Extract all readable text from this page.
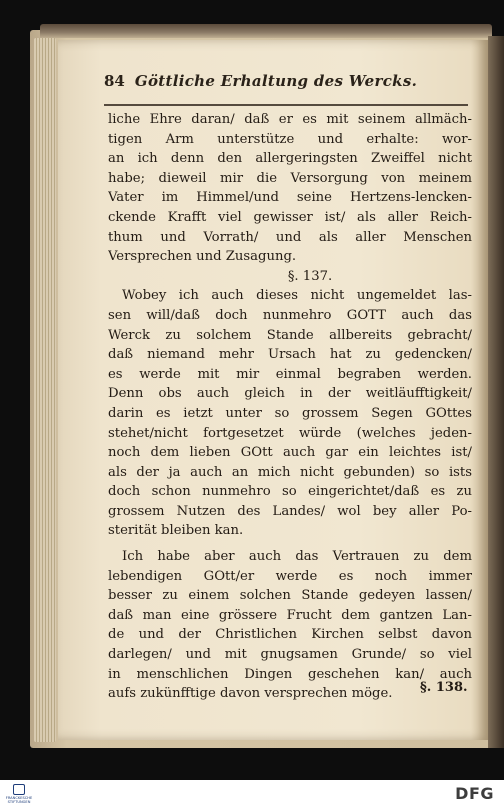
84 Göttliche Erhaltung des Wercks.
liche Ehre daran/ daß er es mit seinem allmäch-
tigen Arm unterstütze und erhalte: wor-
an ich denn den allergeringsten Zweiffel nicht
habe; dieweil mir die Versorgung von meinem
Vater im Himmel/und seine Hertzens-lencken-
ckende Krafft viel gewisser ist/ als aller Reich-
thum und Vorrath/ und als aller Menschen
Versprechen und Zusagung.
§. 137.
Wobey ich auch dieses nicht ungemeldet las-
sen will/daß doch nunmehro GOTT auch das
Werck zu solchem Stande allbereits gebracht/
daß niemand mehr Ursach hat zu gedencken/
es werde mit mir einmal begraben werden.
Denn obs auch gleich in der weitläufftigkeit/
darin es ietzt unter so grossem Segen GOttes
stehet/nicht fortgesetzet würde (welches jeden-
noch dem lieben GOtt auch gar ein leichtes ist/
als der ja auch an mich nicht gebunden) so ists
doch schon nunmehro so eingerichtet/daß es zu
grossem Nutzen des Landes/ wol bey aller Po-
sterität bleiben kan.
Ich habe aber auch das Vertrauen zu dem
lebendigen GOtt/er werde es noch immer
besser zu einem solchen Stande gedeyen lassen/
daß man eine grössere Frucht dem gantzen Lan-
de und der Christlichen Kirchen selbst davon
darlegen/ und mit gnugsamen Grunde/ so viel
in menschlichen Dingen geschehen kan/ auch
aufs zukünfftige davon versprechen möge.	§. 138.
FRANCKESCHE STIFTUNGEN	DFG
